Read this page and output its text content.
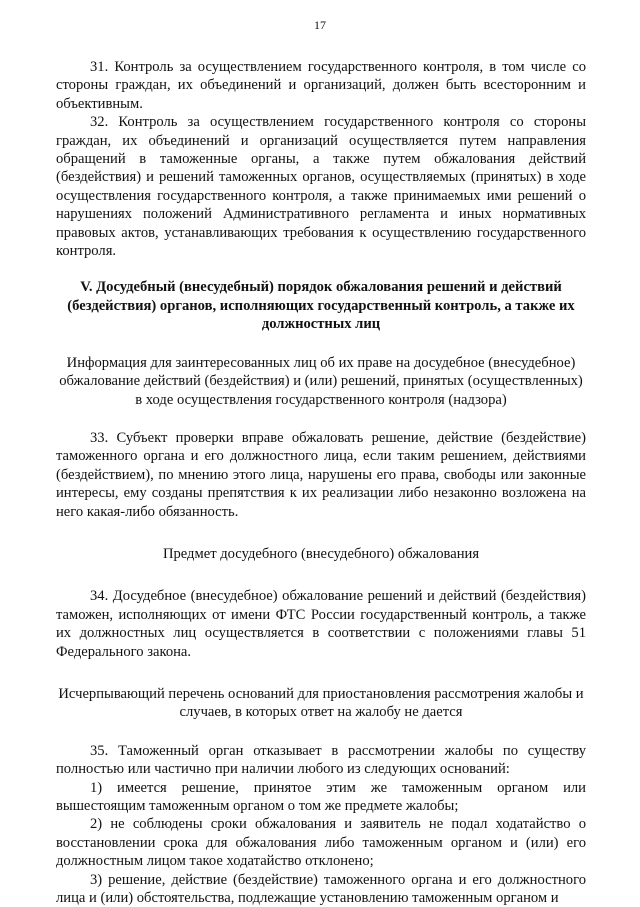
17

31. Контроль за осуществлением государственного контроля, в том числе со стороны граждан, их объединений и организаций, должен быть всесторонним и объективным.

32. Контроль за осуществлением государственного контроля со стороны граждан, их объединений и организаций осуществляется путем направления обращений в таможенные органы, а также путем обжалования действий (бездействия) и решений таможенных органов, осуществляемых (принятых) в ходе осуществления государственного контроля, а также принимаемых ими решений о нарушениях положений Административного регламента и иных нормативных правовых актов, устанавливающих требования к осуществлению государственного контроля.

V. Досудебный (внесудебный) порядок обжалования решений и действий (бездействия) органов, исполняющих государственный контроль, а также их должностных лиц

Информация для заинтересованных лиц об их праве на досудебное (внесудебное) обжалование действий (бездействия) и (или) решений, принятых (осуществленных) в ходе осуществления государственного контроля (надзора)

33. Субъект проверки вправе обжаловать решение, действие (бездействие) таможенного органа и его должностного лица, если таким решением, действиями (бездействием), по мнению этого лица, нарушены его права, свободы или законные интересы, ему созданы препятствия к их реализации либо незаконно возложена на него какая-либо обязанность.

Предмет досудебного (внесудебного) обжалования

34. Досудебное (внесудебное) обжалование решений и действий (бездействия) таможен, исполняющих от имени ФТС России государственный контроль, а также их должностных лиц осуществляется в соответствии с положениями главы 51 Федерального закона.

Исчерпывающий перечень оснований для приостановления рассмотрения жалобы и случаев, в которых ответ на жалобу не дается

35. Таможенный орган отказывает в рассмотрении жалобы по существу полностью или частично при наличии любого из следующих оснований:

1) имеется решение, принятое этим же таможенным органом или вышестоящим таможенным органом о том же предмете жалобы;

2) не соблюдены сроки обжалования и заявитель не подал ходатайство о восстановлении срока для обжалования либо таможенным органом и (или) его должностным лицом такое ходатайство отклонено;

3) решение, действие (бездействие) таможенного органа и его должностного лица и (или) обстоятельства, подлежащие установлению таможенным органом и
